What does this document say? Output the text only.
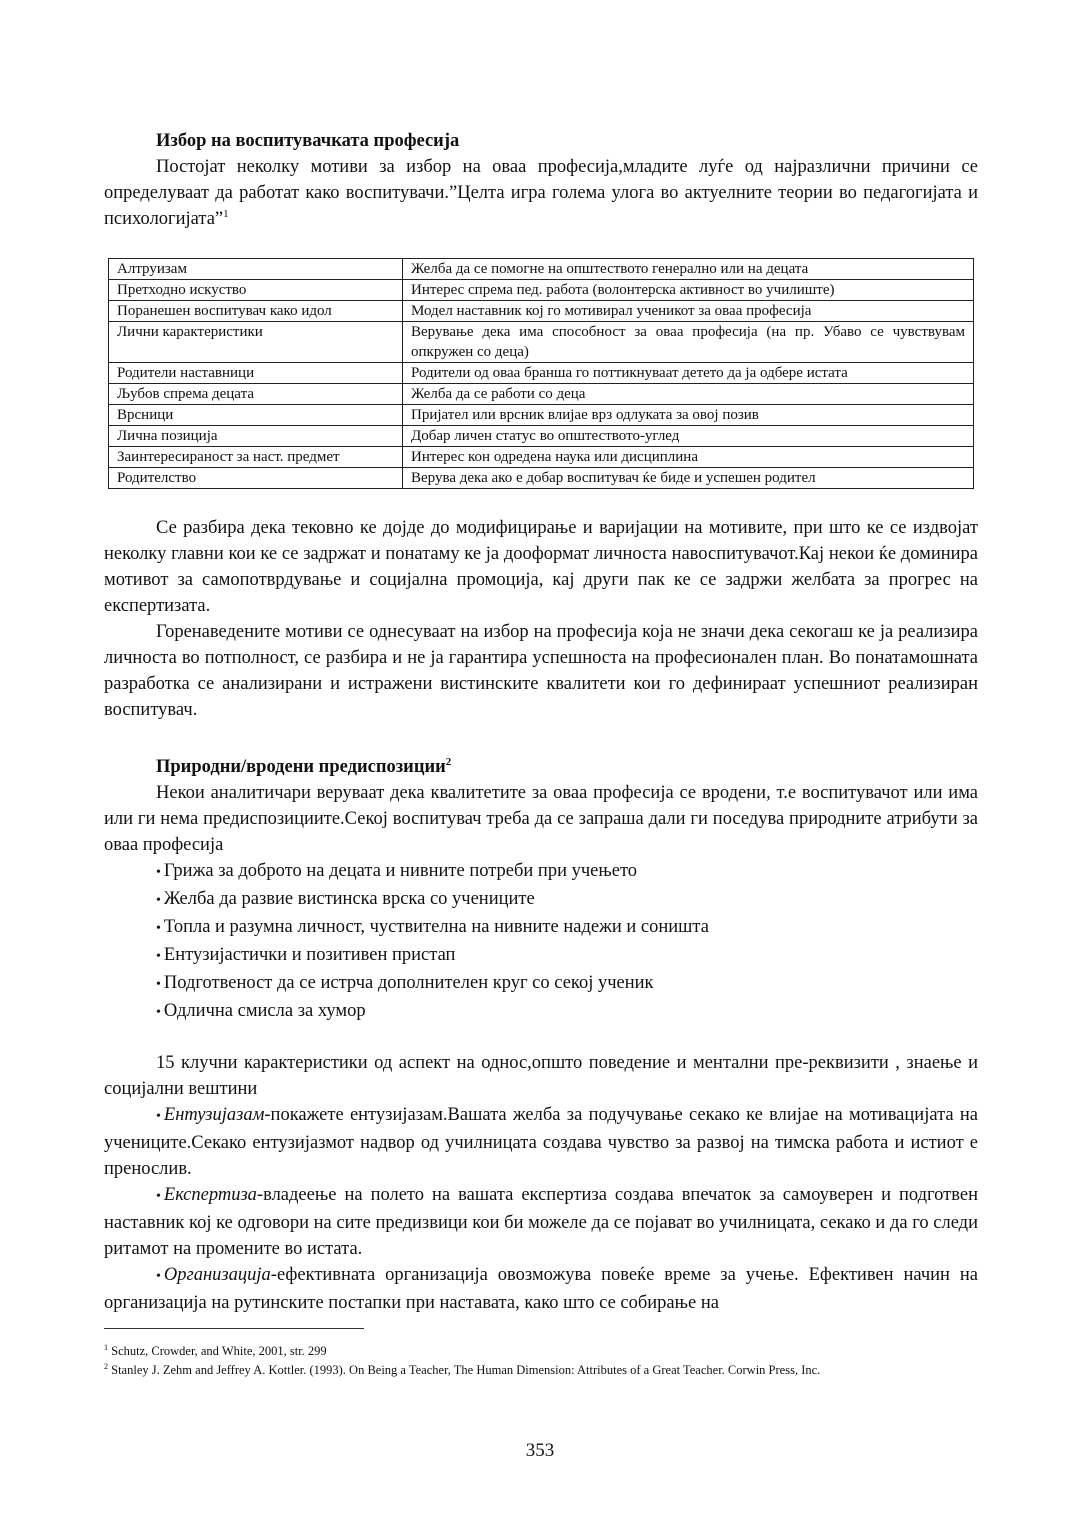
Избор на воспитувачката професија

Постојат неколку мотиви за избор на оваа професија,младите луѓе од најразлични причини се определуваат да работат како воспитувачи.”Целта игра голема улога во актуелните теории во педагогијата и психологијата”$^1$

Алтруизам	Желба да се помогне на општеството генерално или на децата
Претходно искуство	Интерес спрема пед. работа (волонтерска активност во училиште)
Поранешен воспитувач како идол	Модел наставник кој го мотивирал ученикот за оваа професија
Лични карактеристики	Верување дека има способност за оваа професија (на пр. Убаво се чувствувам опкружен со деца)
Родители наставници	Родители од оваа бранша го поттикнуваат детето да ја одбере истата
Љубов спрема децата	Желба да се работи со деца
Врсници	Пријател или врсник влијае врз одлуката за овој позив
Лична позиција	Добар личен статус во општеството-углед
Заинтересираност за наст. предмет	Интерес кон одредена наука или дисциплина
Родителство	Верува дека ако е добар воспитувач ќе биде и успешен родител

Се разбира дека тековно ке дојде до модифицирање и варијации на мотивите, при што ке се издвојат неколку главни кои ке се задржат и понатаму ке ја дооформат личноста навоспитувачот.Кај некои ќе доминира мотивот за самопотврдување и социјална промоција, кај други пак ке се задржи желбата за прогрес на експертизата.

Горенаведените мотиви се однесуваат на избор на професија која не значи дека секогаш ке ја реализира личноста во потполност, се разбира и не ја гарантира успешноста на професионален план. Во понатамошната разработка се анализирани и истражени вистинските квалитети кои го дефинираат успешниот реализиран воспитувач.

Природни/вродени предиспозиции$^2$

Некои аналитичари веруваат дека квалитетите за оваа професија се вродени, т.е воспитувачот или има или ги нема предиспозициите.Секој воспитувач треба да се запраша дали ги поседува природните атрибути за оваа професија

• Грижа за доброто на децата и нивните потреби при учењето
• Желба да развие вистинска врска со учениците
• Топла и разумна личност, чуствителна на нивните надежи и соништа
• Ентузијастички и позитивен пристап
• Подготвеност да се истрча дополнителен круг со секој ученик
• Одлична смисла за хумор

15 клучни карактеристики од аспект на однос,општо поведение и ментални пре-реквизити , знаење и социјални вештини

• Ентузијазам-покажете ентузијазам.Вашата желба за подучување секако ке влијае на мотивацијата на учениците.Секако ентузијазмот надвор од училницата создава чувство за развој на тимска работа и истиот е пренослив.

• Експертиза-владеење на полето на вашата експертиза создава впечаток за самоуверен и подготвен наставник кој ке одговори на сите предизвици кои би можеле да се појават во училницата, секако и да го следи ритамот на промените во истата.

• Организација-ефективната организација овозможува повеќе време за учење. Ефективен начин на организација на рутинските постапки при наставата, како што се собирање на

$^1$ Schutz, Crowder, and White, 2001, str. 299
$^2$ Stanley J. Zehm and Jeffrey A. Kottler. (1993). On Being a Teacher, The Human Dimension: Attributes of a Great Teacher. Corwin Press, Inc.
353
